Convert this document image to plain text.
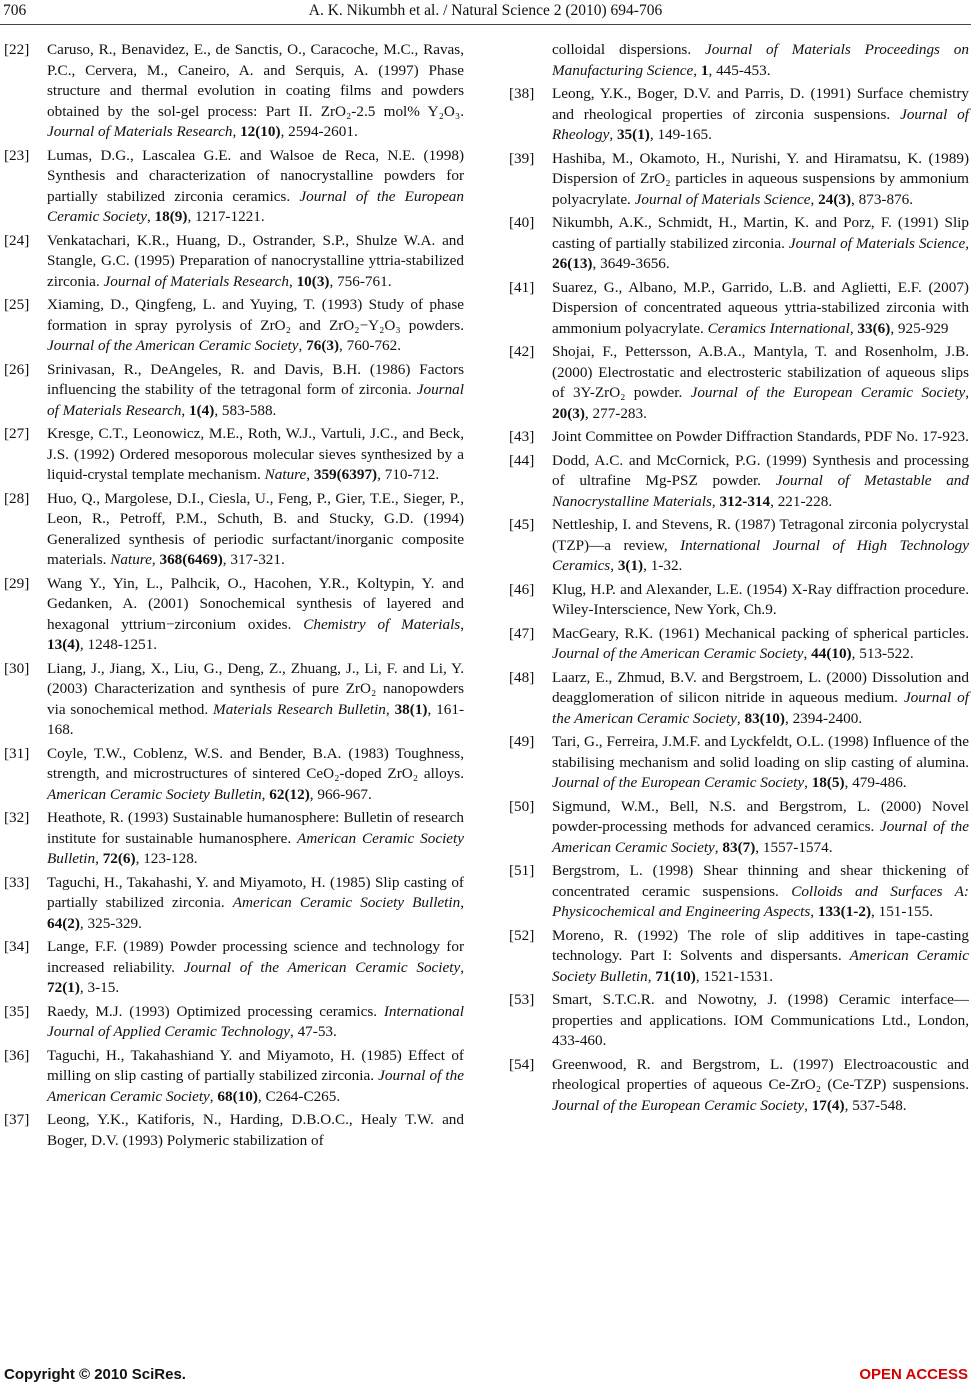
706	A. K. Nikumbh et al. / Natural Science 2 (2010) 694-706

[22] Caruso, R., Benavidez, E., de Sanctis, O., Caracoche, M.C., Ravas, P.C., Cervera, M., Caneiro, A. and Serquis, A. (1997) Phase structure and thermal evolution in coating films and powders obtained by the sol-gel process: Part II. ZrO₂-2.5 mol% Y₂O₃. Journal of Materials Research, 12(10), 2594-2601.

[23] Lumas, D.G., Lascalea G.E. and Walsoe de Reca, N.E. (1998) Synthesis and characterization of nanocrystalline powders for partially stabilized zirconia ceramics. Journal of the European Ceramic Society, 18(9), 1217-1221.

[24] Venkatachari, K.R., Huang, D., Ostrander, S.P., Shulze W.A. and Stangle, G.C. (1995) Preparation of nanocrystalline yttria-stabilized zirconia. Journal of Materials Research, 10(3), 756-761.

[25] Xiaming, D., Qingfeng, L. and Yuying, T. (1993) Study of phase formation in spray pyrolysis of ZrO₂ and ZrO₂−Y₂O₃ powders. Journal of the American Ceramic Society, 76(3), 760-762.

[26] Srinivasan, R., DeAngeles, R. and Davis, B.H. (1986) Factors influencing the stability of the tetragonal form of zirconia. Journal of Materials Research, 1(4), 583-588.

[27] Kresge, C.T., Leonowicz, M.E., Roth, W.J., Vartuli, J.C., and Beck, J.S. (1992) Ordered mesoporous molecular sieves synthesized by a liquid-crystal template mechanism. Nature, 359(6397), 710-712.

[28] Huo, Q., Margolese, D.I., Ciesla, U., Feng, P., Gier, T.E., Sieger, P., Leon, R., Petroff, P.M., Schuth, B. and Stucky, G.D. (1994) Generalized synthesis of periodic surfactant/inorganic composite materials. Nature, 368(6469), 317-321.

[29] Wang Y., Yin, L., Palhcik, O., Hacohen, Y.R., Koltypin, Y. and Gedanken, A. (2001) Sonochemical synthesis of layered and hexagonal yttrium−zirconium oxides. Chemistry of Materials, 13(4), 1248-1251.

[30] Liang, J., Jiang, X., Liu, G., Deng, Z., Zhuang, J., Li, F. and Li, Y. (2003) Characterization and synthesis of pure ZrO₂ nanopowders via sonochemical method. Materials Research Bulletin, 38(1), 161-168.

[31] Coyle, T.W., Coblenz, W.S. and Bender, B.A. (1983) Toughness, strength, and microstructures of sintered CeO₂-doped ZrO₂ alloys. American Ceramic Society Bulletin, 62(12), 966-967.

[32] Heathote, R. (1993) Sustainable humanosphere: Bulletin of research institute for sustainable humanosphere. American Ceramic Society Bulletin, 72(6), 123-128.

[33] Taguchi, H., Takahashi, Y. and Miyamoto, H. (1985) Slip casting of partially stabilized zirconia. American Ceramic Society Bulletin, 64(2), 325-329.

[34] Lange, F.F. (1989) Powder processing science and technology for increased reliability. Journal of the American Ceramic Society, 72(1), 3-15.

[35] Raedy, M.J. (1993) Optimized processing ceramics. International Journal of Applied Ceramic Technology, 47-53.

[36] Taguchi, H., Takahashiand Y. and Miyamoto, H. (1985) Effect of milling on slip casting of partially stabilized zirconia. Journal of the American Ceramic Society, 68(10), C264-C265.

[37] Leong, Y.K., Katiforis, N., Harding, D.B.O.C., Healy T.W. and Boger, D.V. (1993) Polymeric stabilization of

colloidal dispersions. Journal of Materials Proceedings on Manufacturing Science, 1, 445-453.

[38] Leong, Y.K., Boger, D.V. and Parris, D. (1991) Surface chemistry and rheological properties of zirconia suspensions. Journal of Rheology, 35(1), 149-165.

[39] Hashiba, M., Okamoto, H., Nurishi, Y. and Hiramatsu, K. (1989) Dispersion of ZrO₂ particles in aqueous suspensions by ammonium polyacrylate. Journal of Materials Science, 24(3), 873-876.

[40] Nikumbh, A.K., Schmidt, H., Martin, K. and Porz, F. (1991) Slip casting of partially stabilized zirconia. Journal of Materials Science, 26(13), 3649-3656.

[41] Suarez, G., Albano, M.P., Garrido, L.B. and Aglietti, E.F. (2007) Dispersion of concentrated aqueous yttria-stabilized zirconia with ammonium polyacrylate. Ceramics International, 33(6), 925-929

[42] Shojai, F., Pettersson, A.B.A., Mantyla, T. and Rosenholm, J.B. (2000) Electrostatic and electrosteric stabilization of aqueous slips of 3Y-ZrO₂ powder. Journal of the European Ceramic Society, 20(3), 277-283.

[43] Joint Committee on Powder Diffraction Standards, PDF No. 17-923.

[44] Dodd, A.C. and McCornick, P.G. (1999) Synthesis and processing of ultrafine Mg-PSZ powder. Journal of Metastable and Nanocrystalline Materials, 312-314, 221-228.

[45] Nettleship, I. and Stevens, R. (1987) Tetragonal zirconia polycrystal (TZP)—a review, International Journal of High Technology Ceramics, 3(1), 1-32.

[46] Klug, H.P. and Alexander, L.E. (1954) X-Ray diffraction procedure. Wiley-Interscience, New York, Ch.9.

[47] MacGeary, R.K. (1961) Mechanical packing of spherical particles. Journal of the American Ceramic Society, 44(10), 513-522.

[48] Laarz, E., Zhmud, B.V. and Bergstroem, L. (2000) Dissolution and deagglomeration of silicon nitride in aqueous medium. Journal of the American Ceramic Society, 83(10), 2394-2400.

[49] Tari, G., Ferreira, J.M.F. and Lyckfeldt, O.L. (1998) Influence of the stabilising mechanism and solid loading on slip casting of alumina. Journal of the European Ceramic Society, 18(5), 479-486.

[50] Sigmund, W.M., Bell, N.S. and Bergstrom, L. (2000) Novel powder-processing methods for advanced ceramics. Journal of the American Ceramic Society, 83(7), 1557-1574.

[51] Bergstrom, L. (1998) Shear thinning and shear thickening of concentrated ceramic suspensions. Colloids and Surfaces A: Physicochemical and Engineering Aspects, 133(1-2), 151-155.

[52] Moreno, R. (1992) The role of slip additives in tape-casting technology. Part I: Solvents and dispersants. American Ceramic Society Bulletin, 71(10), 1521-1531.

[53] Smart, S.T.C.R. and Nowotny, J. (1998) Ceramic interface—properties and applications. IOM Communications Ltd., London, 433-460.

[54] Greenwood, R. and Bergstrom, L. (1997) Electroacoustic and rheological properties of aqueous Ce-ZrO₂ (Ce-TZP) suspensions. Journal of the European Ceramic Society, 17(4), 537-548.

Copyright © 2010 SciRes.	OPEN ACCESS
